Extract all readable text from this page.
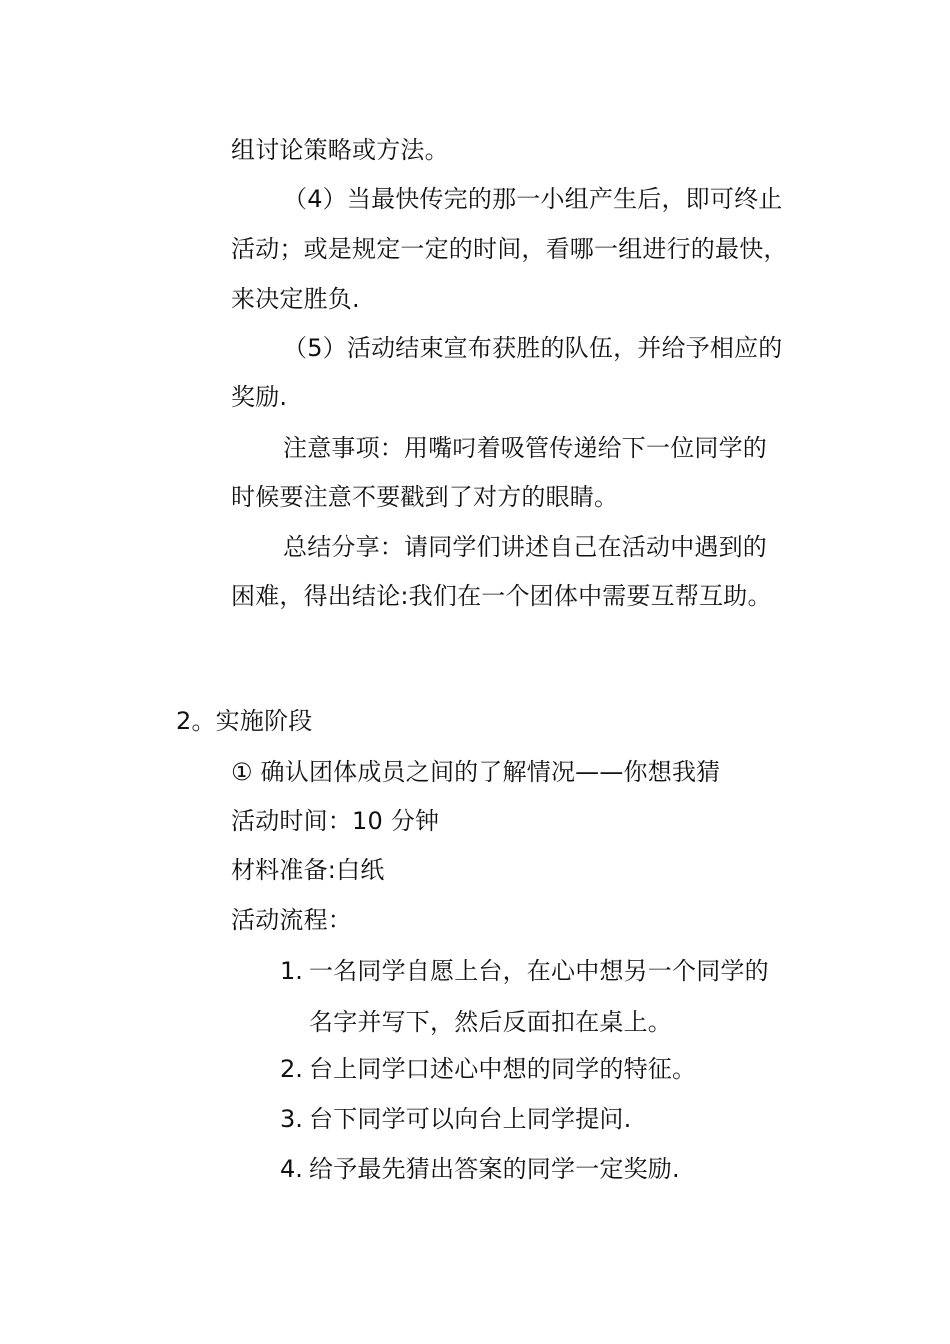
组讨论策略或方法。
（4）当最快传完的那一小组产生后，即可终止
活动；或是规定一定的时间，看哪一组进行的最快，
来决定胜负.
（5）活动结束宣布获胜的队伍，并给予相应的
奖励.
注意事项：用嘴叼着吸管传递给下一位同学的
时候要注意不要戳到了对方的眼睛。
总结分享：请同学们讲述自己在活动中遇到的
困难，得出结论:我们在一个团体中需要互帮互助。
2。实施阶段
① 确认团体成员之间的了解情况——你想我猜
活动时间：10 分钟
材料准备:白纸
活动流程：
1. 一名同学自愿上台，在心中想另一个同学的
名字并写下，然后反面扣在桌上。
2. 台上同学口述心中想的同学的特征。
3. 台下同学可以向台上同学提问.
4. 给予最先猜出答案的同学一定奖励.
